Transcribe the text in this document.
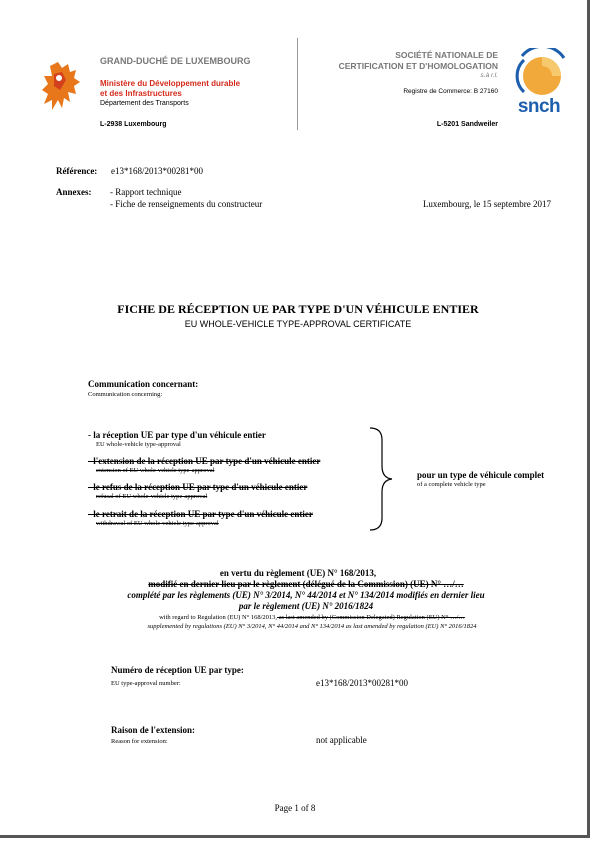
GRAND-DUCHÉ DE LUXEMBOURG
Ministère du Développement durable
et des Infrastructures
Département des Transports
L-2938 Luxembourg
SOCIÉTÉ NATIONALE DE
CERTIFICATION ET D'HOMOLOGATION
s.à r.l.
Registre de Commerce: B 27160
L-5201 Sandweiler
snch
Référence: e13*168/2013*00281*00
Annexes: - Rapport technique
- Fiche de renseignements du constructeur	Luxembourg, le 15 septembre 2017
FICHE DE RÉCEPTION UE PAR TYPE D'UN VÉHICULE ENTIER
EU WHOLE-VEHICLE TYPE-APPROVAL CERTIFICATE
Communication concernant:
Communication concerning:
- la réception UE par type d'un véhicule entier
EU whole-vehicle type-approval
- l'extension de la réception UE par type d'un véhicule entier
extension of EU whole-vehicle type-approval
- le refus de la réception UE par type d'un véhicule entier
refusal of EU whole-vehicle type-approval
- le retrait de la réception UE par type d'un véhicule entier
withdrawal of EU whole-vehicle type-approval
pour un type de véhicule complet
of a complete vehicle type
en vertu du règlement (UE) N° 168/2013,
modifié en dernier lieu par le règlement (délégué de la Commission) (UE) N° …/…
complété par les règlements (UE) N° 3/2014, N° 44/2014 et N° 134/2014 modifiés en dernier lieu
par le règlement (UE) N° 2016/1824
with regard to Regulation (EU) N° 168/2013, as last amended by (Commission Delegated) Regulation (EU) N° …/…
supplemented by regulations (EU) N° 3/2014, N° 44/2014 and N° 134/2014 as last amended by regulation (EU) N° 2016/1824
Numéro de réception UE par type:
EU type-approval number:	e13*168/2013*00281*00
Raison de l'extension:
Reason for extension:	not applicable
Page 1 of 8
